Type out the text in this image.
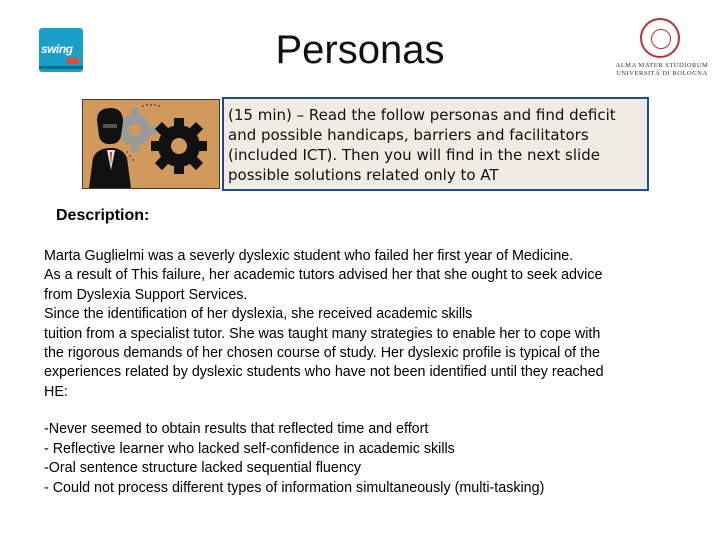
swing	Personas	ALMA MATER STUDIORUM
UNIVERSITÀ DI BOLOGNA
(15 min) – Read the follow personas and find deficit and possible handicaps, barriers and facilitators (included ICT). Then you will find in the next slide possible solutions related only to AT
Description:

Marta Guglielmi was a severly dyslexic student who failed her first year of Medicine.

As a result of This failure, her academic tutors advised her that she ought to seek advice

from Dyslexia Support Services.

Since the identification of her dyslexia, she received academic skills

tuition from a specialist tutor. She was taught many strategies to enable her to cope with

the rigorous demands of her chosen course of study. Her dyslexic profile is typical of the

experiences related by dyslexic students who have not been identified until they reached

HE:

-Never seemed to obtain results that reflected time and effort

- Reflective learner who lacked self-confidence in academic skills

-Oral sentence structure lacked sequential fluency

- Could not process different types of information simultaneously (multi-tasking)
